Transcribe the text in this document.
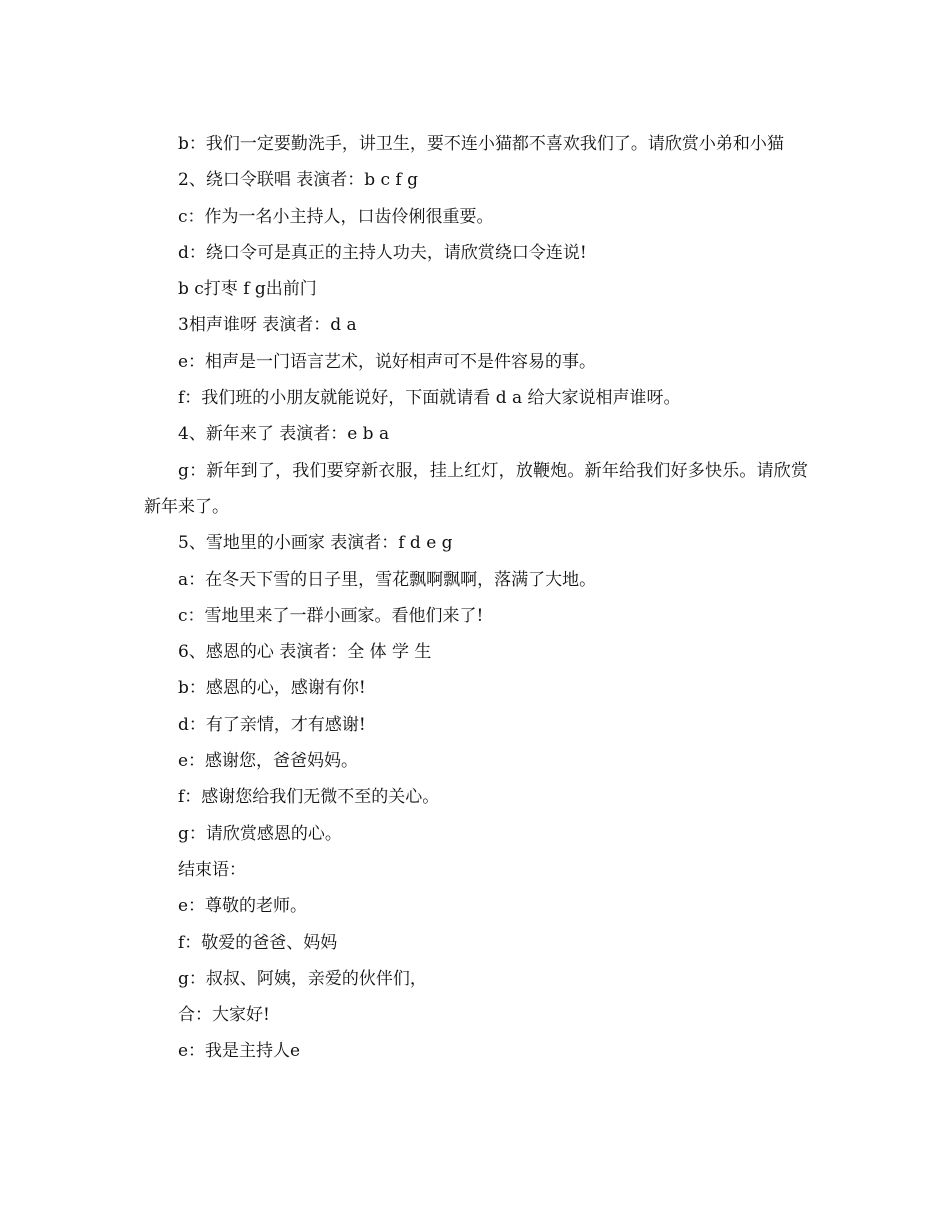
b：我们一定要勤洗手，讲卫生，要不连小猫都不喜欢我们了。请欣赏小弟和小猫

2、绕口令联唱 表演者：b c f g

c：作为一名小主持人，口齿伶俐很重要。

d：绕口令可是真正的主持人功夫，请欣赏绕口令连说!

b c打枣 f g出前门

3相声谁呀 表演者：d a

e：相声是一门语言艺术，说好相声可不是件容易的事。

f：我们班的小朋友就能说好，下面就请看 d a 给大家说相声谁呀。

4、新年来了 表演者：e b a

g：新年到了，我们要穿新衣服，挂上红灯，放鞭炮。新年给我们好多快乐。请欣赏新年来了。

5、雪地里的小画家 表演者：f d e g

a：在冬天下雪的日子里，雪花飘啊飘啊，落满了大地。

c：雪地里来了一群小画家。看他们来了!

6、感恩的心 表演者：全 体 学 生

b：感恩的心，感谢有你!

d：有了亲情，才有感谢!

e：感谢您，爸爸妈妈。

f：感谢您给我们无微不至的关心。

g：请欣赏感恩的心。

结束语：

e：尊敬的老师。

f：敬爱的爸爸、妈妈

g：叔叔、阿姨，亲爱的伙伴们，

合：大家好!

e：我是主持人e
